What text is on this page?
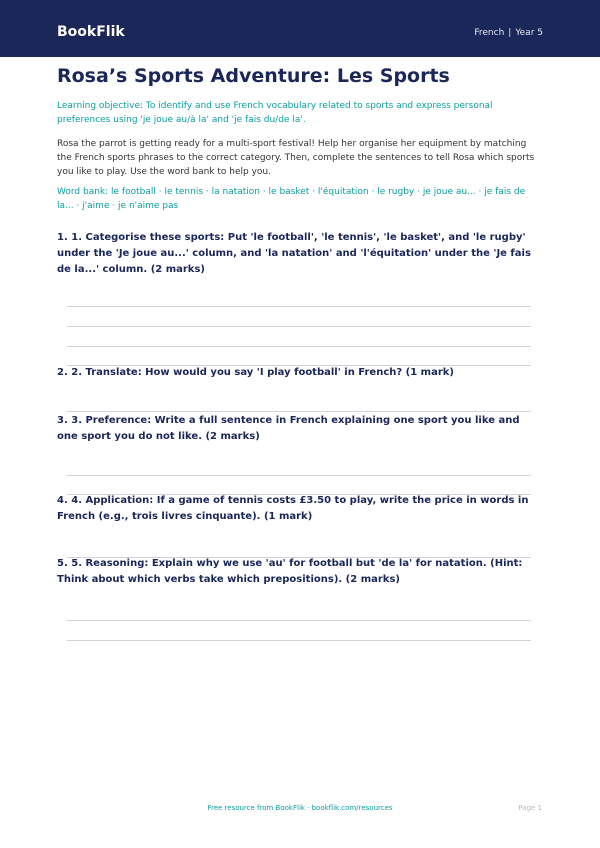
BookFlik	French | Year 5
Rosa’s Sports Adventure: Les Sports

Learning objective: To identify and use French vocabulary related to sports and express personal preferences using 'je joue au/à la' and 'je fais du/de la'.

Rosa the parrot is getting ready for a multi-sport festival! Help her organise her equipment by matching the French sports phrases to the correct category. Then, complete the sentences to tell Rosa which sports you like to play. Use the word bank to help you.

Word bank: le football · le tennis · la natation · le basket · l'équitation · le rugby · je joue au... · je fais de la... · j'aime · je n'aime pas

1. 1. Categorise these sports: Put 'le football', 'le tennis', 'le basket', and 'le rugby' under the 'Je joue au...' column, and 'la natation' and 'l'équitation' under the 'Je fais de la...' column. (2 marks)

2. 2. Translate: How would you say 'I play football' in French? (1 mark)

3. 3. Preference: Write a full sentence in French explaining one sport you like and one sport you do not like. (2 marks)

4. 4. Application: If a game of tennis costs £3.50 to play, write the price in words in French (e.g., trois livres cinquante). (1 mark)

5. 5. Reasoning: Explain why we use 'au' for football but 'de la' for natation. (Hint: Think about which verbs take which prepositions). (2 marks)

Free resource from BookFlik · bookflik.com/resources	Page 1
